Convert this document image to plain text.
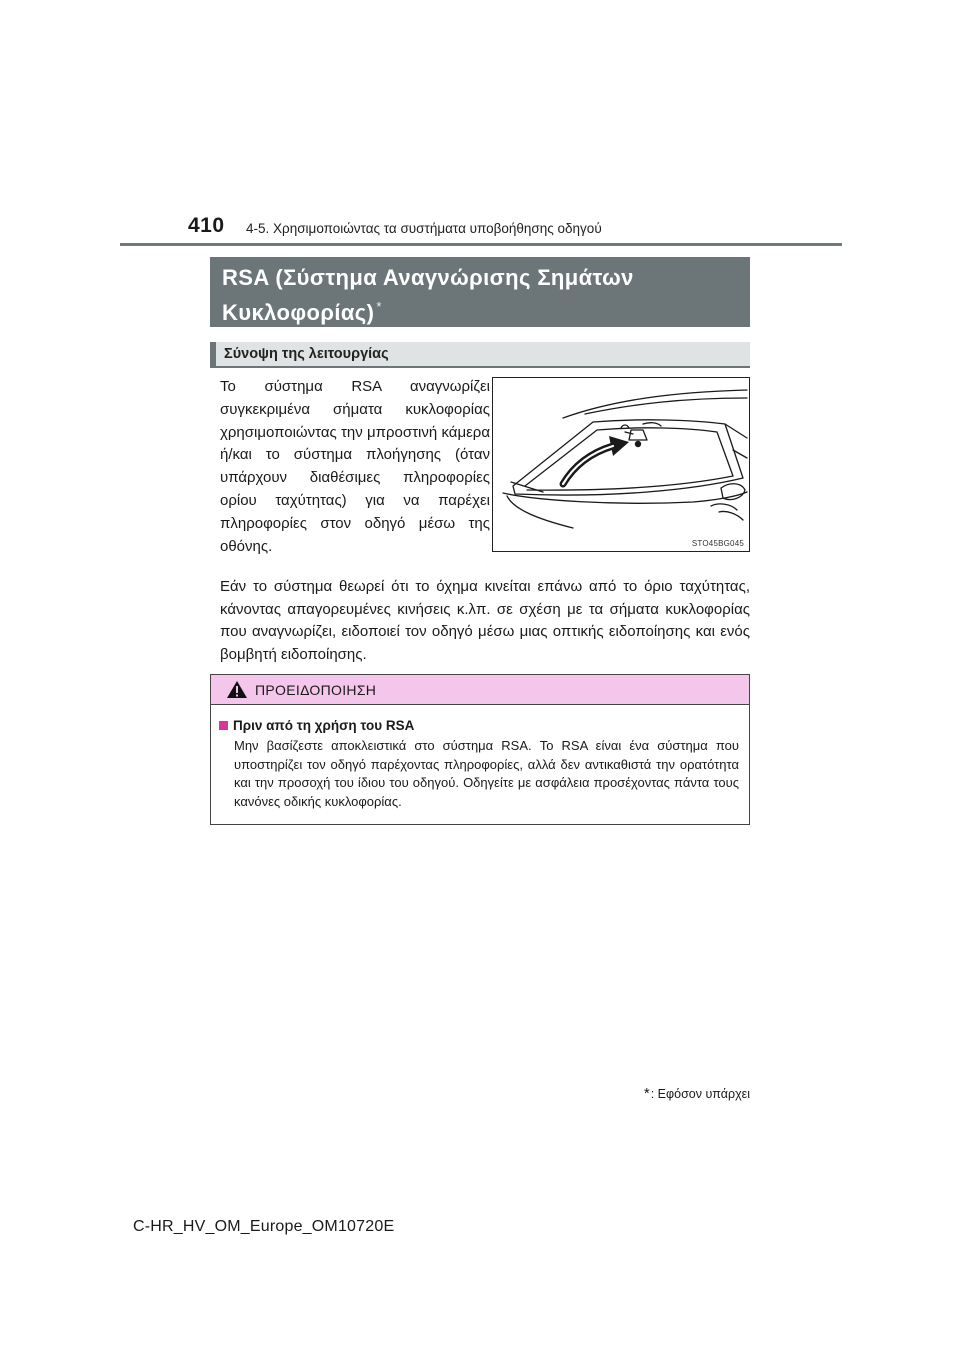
410 4-5. Χρησιμοποιώντας τα συστήματα υποβοήθησης οδηγού
RSA (Σύστημα Αναγνώρισης Σημάτων
Κυκλοφορίας) *
Σύνοψη της λειτουργίας
Το σύστημα RSA αναγνωρίζει συγκεκριμένα σήματα κυκλοφορίας χρησιμοποιώντας την μπροστινή κάμερα ή/και το σύστημα πλοήγησης (όταν υπάρχουν διαθέσιμες πληροφορίες ορίου ταχύτητας) για να παρέχει πληροφορίες στον οδηγό μέσω της οθόνης.	STO45BG045
Εάν το σύστημα θεωρεί ότι το όχημα κινείται επάνω από το όριο ταχύτητας, κάνοντας απαγορευμένες κινήσεις κ.λπ. σε σχέση με τα σήματα κυκλοφορίας που αναγνωρίζει, ειδοποιεί τον οδηγό μέσω μιας οπτικής ειδοποίησης και ενός βομβητή ειδοποίησης.
ΠΡΟΕΙΔΟΠΟΙΗΣΗ
Πριν από τη χρήση του RSA
Μην βασίζεστε αποκλειστικά στο σύστημα RSA. Το RSA είναι ένα σύστημα που υποστηρίζει τον οδηγό παρέχοντας πληροφορίες, αλλά δεν αντικαθιστά την ορατότητα και την προσοχή του ίδιου του οδηγού. Οδηγείτε με ασφάλεια προσέχοντας πάντα τους κανόνες οδικής κυκλοφορίας.
* : Εφόσον υπάρχει
C-HR_HV_OM_Europe_OM10720E
